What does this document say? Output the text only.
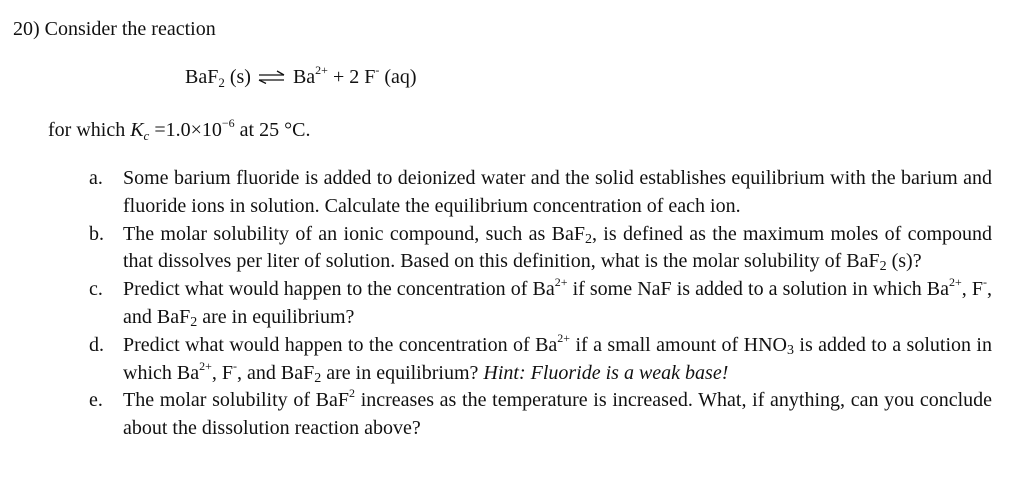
20) Consider the reaction
BaF$_2$ (s) ⇌ $Ba^{2+} + 2$ F- (aq)
for which $K_c =1.0\times 10^{-6}$ at 25 °C.
a.	Some barium fluoride is added to deionized water and the solid establishes equilibrium with the barium and fluoride ions in solution. Calculate the equilibrium concentration of each ion.
b. The molar solubility of an ionic compound, such as BaF$_2$, is defined as the maximum moles of compound that dissolves per liter of solution. Based on this definition, what is the molar solubility of BaF$_2$ (s)?
c.	Predict what would happen to the concentration of $Ba^{2+}$ if some NaF is added to a solution in which $Ba^{2+}$, F-, and BaF$_2$ are in equilibrium?
d. Predict what would happen to the concentration of $Ba^{2+}$ if a small amount of $HNO_3$ is added to a solution in which $Ba^{2+}$, F-, and BaF$_2$ are in equilibrium? Hint: Fluoride is a weak base!
e.	The molar solubility of BaF$^2$ increases as the temperature is increased. What, if anything, can you conclude about the dissolution reaction above?
